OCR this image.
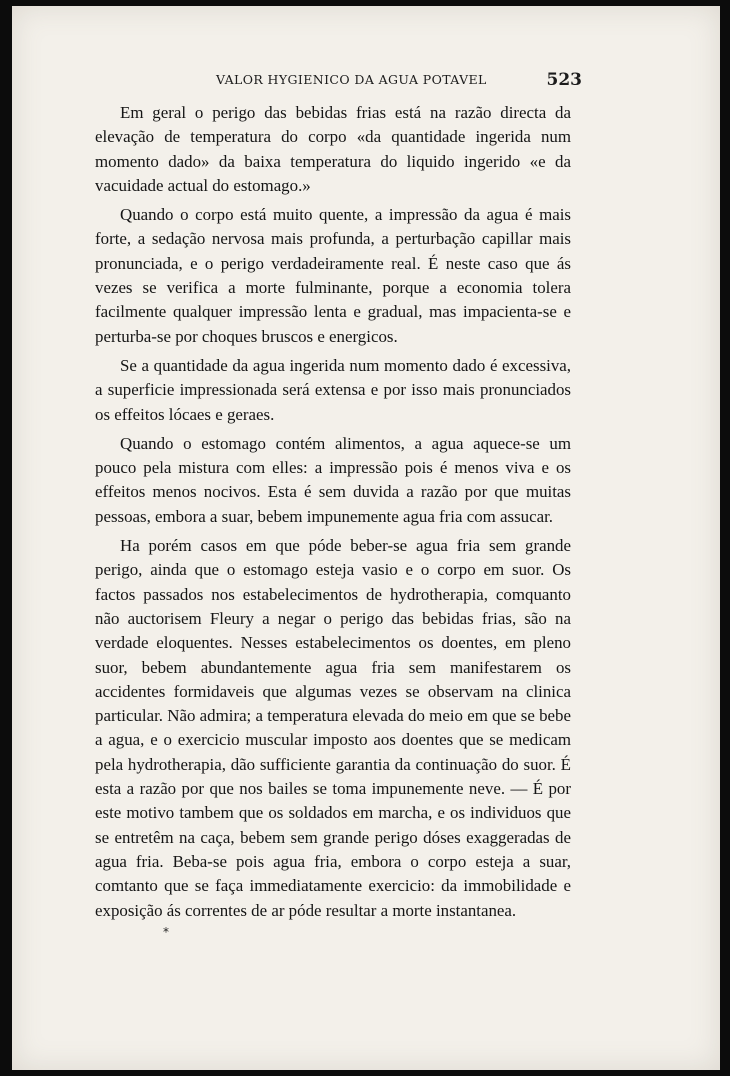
VALOR HYGIENICO DA AGUA POTAVEL	523

Em geral o perigo das bebidas frias está na razão directa da elevação de temperatura do corpo «da quantidade ingerida num momento dado» da baixa temperatura do liquido ingerido «e da vacuidade actual do estomago.»

Quando o corpo está muito quente, a impressão da agua é mais forte, a sedação nervosa mais profunda, a perturbação capillar mais pronunciada, e o perigo verdadeiramente real. É neste caso que ás vezes se verifica a morte fulminante, porque a economia tolera facilmente qualquer impressão lenta e gradual, mas impacienta-se e perturba-se por choques bruscos e energicos.

Se a quantidade da agua ingerida num momento dado é excessiva, a superficie impressionada será extensa e por isso mais pronunciados os effeitos lócaes e geraes.

Quando o estomago contém alimentos, a agua aquece-se um pouco pela mistura com elles: a impressão pois é menos viva e os effeitos menos nocivos. Esta é sem duvida a razão por que muitas pessoas, embora a suar, bebem impunemente agua fria com assucar.

Ha porém casos em que póde beber-se agua fria sem grande perigo, ainda que o estomago esteja vasio e o corpo em suor. Os factos passados nos estabelecimentos de hydrotherapia, comquanto não auctorisem Fleury a negar o perigo das bebidas frias, são na verdade eloquentes. Nesses estabelecimentos os doentes, em pleno suor, bebem abundantemente agua fria sem manifestarem os accidentes formidaveis que algumas vezes se observam na clinica particular. Não admira; a temperatura elevada do meio em que se bebe a agua, e o exercicio muscular imposto aos doentes que se medicam pela hydrotherapia, dão sufficiente garantia da continuação do suor. É esta a razão por que nos bailes se toma impunemente neve. — É por este motivo tambem que os soldados em marcha, e os individuos que se entretêm na caça, bebem sem grande perigo dóses exaggeradas de agua fria. Beba-se pois agua fria, embora o corpo esteja a suar, comtanto que se faça immediatamente exercicio: da immobilidade e exposição ás correntes de ar póde resultar a morte instantanea.

*
